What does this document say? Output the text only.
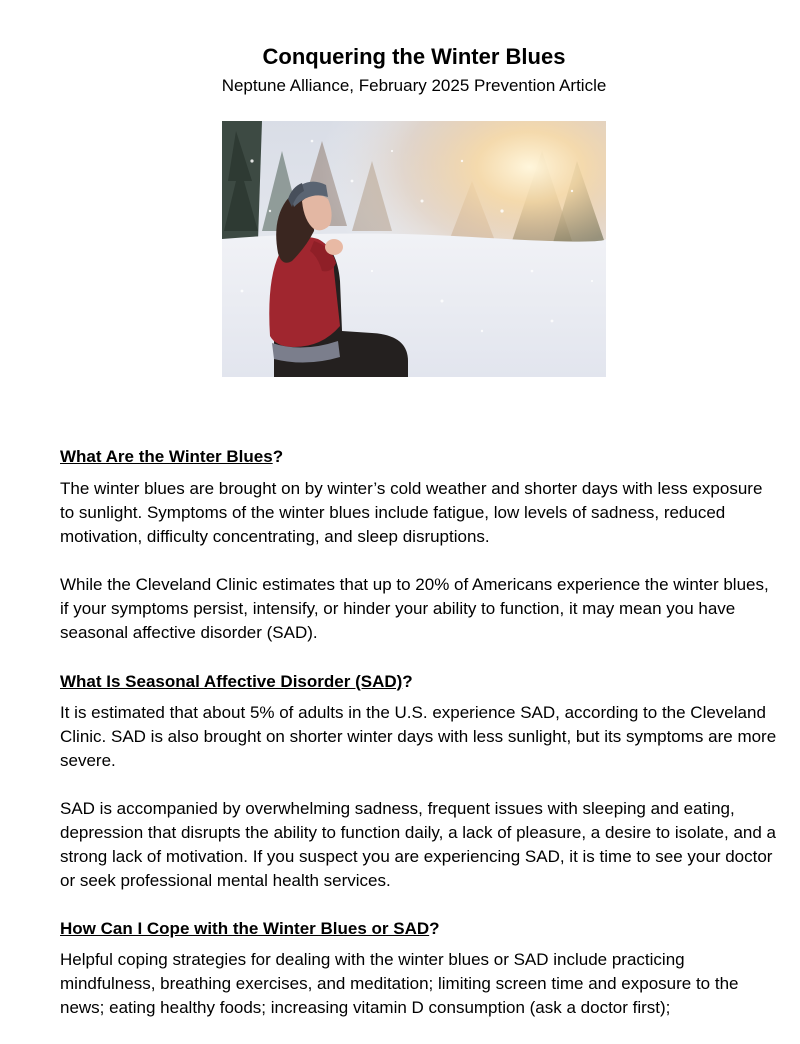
Conquering the Winter Blues
Neptune Alliance, February 2025 Prevention Article
What Are the Winter Blues?
The winter blues are brought on by winter’s cold weather and shorter days with less exposure to sunlight. Symptoms of the winter blues include fatigue, low levels of sadness, reduced motivation, difficulty concentrating, and sleep disruptions.
While the Cleveland Clinic estimates that up to 20% of Americans experience the winter blues, if your symptoms persist, intensify, or hinder your ability to function, it may mean you have seasonal affective disorder (SAD).
What Is Seasonal Affective Disorder (SAD)?
It is estimated that about 5% of adults in the U.S. experience SAD, according to the Cleveland Clinic. SAD is also brought on shorter winter days with less sunlight, but its symptoms are more severe.
SAD is accompanied by overwhelming sadness, frequent issues with sleeping and eating, depression that disrupts the ability to function daily, a lack of pleasure, a desire to isolate, and a strong lack of motivation. If you suspect you are experiencing SAD, it is time to see your doctor or seek professional mental health services.
How Can I Cope with the Winter Blues or SAD?
Helpful coping strategies for dealing with the winter blues or SAD include practicing mindfulness, breathing exercises, and meditation; limiting screen time and exposure to the news; eating healthy foods; increasing vitamin D consumption (ask a doctor first);
